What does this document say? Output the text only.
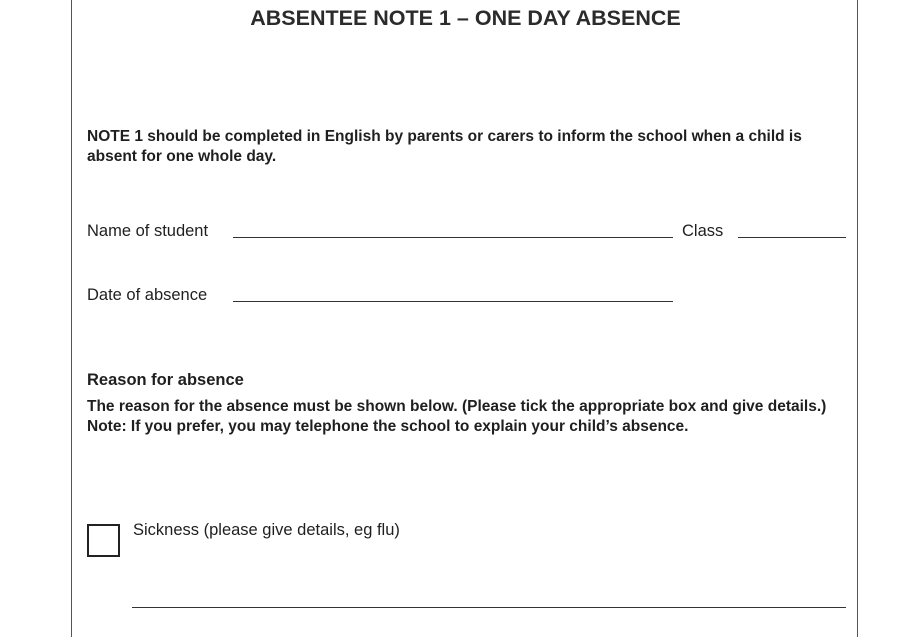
ABSENTEE NOTE 1 – ONE DAY ABSENCE
NOTE 1 should be completed in English by parents or carers to inform the school when a child is absent for one whole day.
Name of student	Class
Date of absence
Reason for absence
The reason for the absence must be shown below. (Please tick the appropriate box and give details.)
Note: If you prefer, you may telephone the school to explain your child’s absence.
Sickness (please give details, eg flu)
